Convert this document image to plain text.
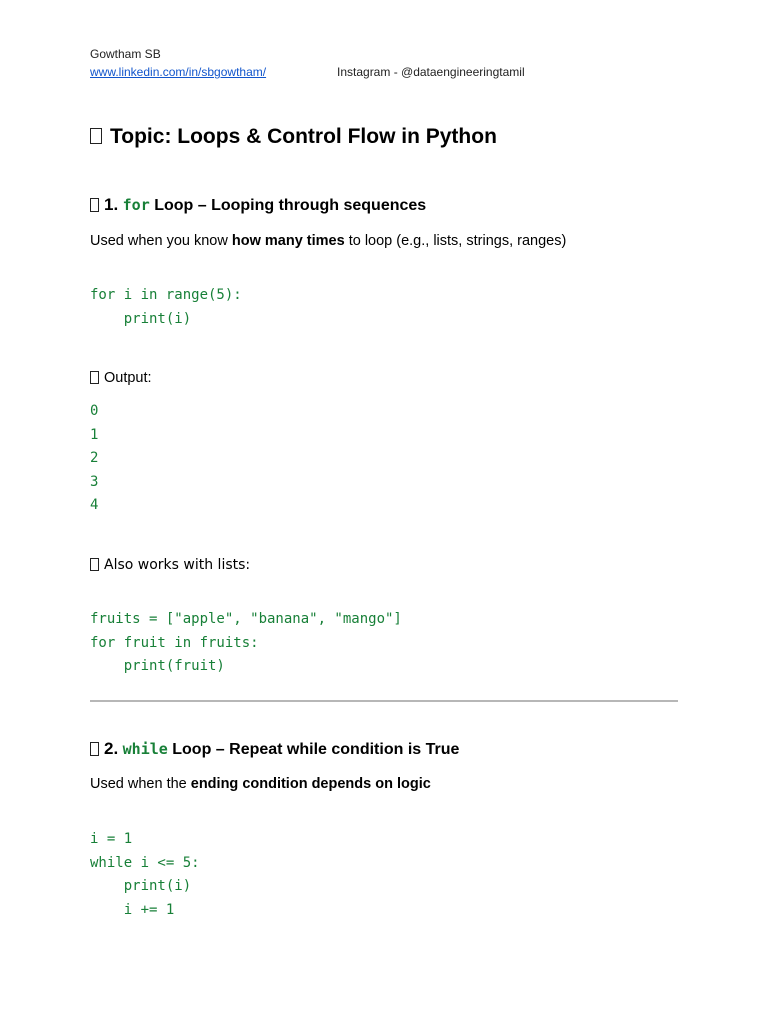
Gowtham SB
www.linkedin.com/in/sbgowtham/	Instagram - @dataengineeringtamil
Topic: Loops & Control Flow in Python
1. for Loop – Looping through sequences
Used when you know how many times to loop (e.g., lists, strings, ranges)
for i in range(5):
print(i)
Output:
0
1
2
3
4
Also works with lists:
fruits = ["apple", "banana", "mango"]
for fruit in fruits:
print(fruit)
2. while Loop – Repeat while condition is True
Used when the ending condition depends on logic
i = 1
while i <= 5:
print(i)
i += 1
